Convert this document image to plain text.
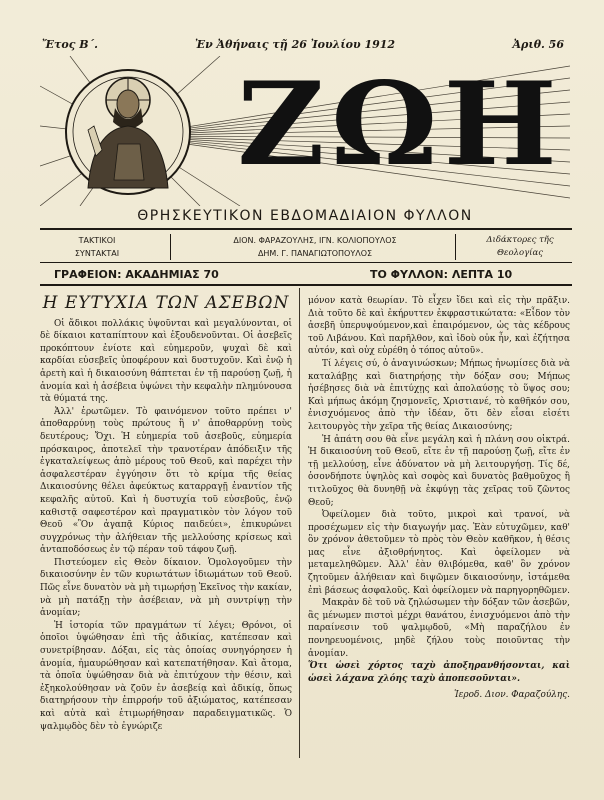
Ἔτος Β΄.	Ἐν Ἀθήναις τῇ 26 Ἰουλίου 1912	Ἀριθ. 56
ΖΩΗ
ΘΡΗΣΚΕΥΤΙΚΟΝ ΕΒΔΟΜΑΔΙΑΙΟΝ ΦΥΛΛΟΝ
ΤΑΚΤΙΚΟΙ
ΣΥΝΤΑΚΤΑΙ
ΔΙΟΝ. ΦΑΡΑΖΟΥΛΗΣ, ΙΓΝ. ΚΟΛΙΟΠΟΥΛΟΣ
ΔΗΜ. Γ. ΠΑΝΑΓΙΩΤΟΠΟΥΛΟΣ
Διδάκτορες τῆς
Θεολογίας
ΓΡΑΦΕΙΟΝ: ΑΚΑΔΗΜΙΑΣ 70	ΤΟ ΦΥΛΛΟΝ: ΛΕΠΤΑ 10

Η ΕΥΤΥΧΙΑ ΤΩΝ ΑΣΕΒΩΝ

Οἱ ἄδικοι πολλάκις ὑψοῦνται καὶ μεγαλύνονται, οἱ δὲ δίκαιοι καταπίπτουν καὶ ἐξουδενοῦνται. Οἱ ἀσεβεῖς προκόπτουν ἐνίοτε καὶ εὐημεροῦν, ψυχαὶ δὲ καὶ καρδίαι εὐσεβεῖς ὑποφέρουν καὶ δυστυχοῦν. Καὶ ἐνῷ ἡ ἀρετὴ καὶ ἡ δικαιοσύνη θάπτεται ἐν τῇ παρούσῃ ζωῇ, ἡ ἀνομία καὶ ἡ ἀσέβεια ὑψώνει τὴν κεφαλὴν πλημύνουσα τὰ θύματά της.

Ἀλλ' ἐρωτῶμεν. Τὸ φαινόμενον τοῦτο πρέπει ν' ἀποθαρρύνῃ τοὺς πρώτους ἢ ν' ἀποθαρρύνῃ τοὺς δευτέρους; Ὄχι. Ἡ εὐημερία τοῦ ἀσεβοῦς, εὐημερία πρόσκαιρος, ἀποτελεῖ τὴν τρανοτέραν ἀπόδειξιν τῆς ἐγκαταλείψεως ἀπὸ μέρους τοῦ Θεοῦ, καὶ παρέχει τὴν ἀσφαλεστέραν ἐγγύησιν ὅτι τὸ κρίμα τῆς θείας Δικαιοσύνης θέλει ἀφεύκτως καταρραγῇ ἐναντίον τῆς κεφαλῆς αὐτοῦ. Καὶ ἡ δυστυχία τοῦ εὐσεβοῦς, ἐνῷ καθιστᾷ σαφεστέρον καὶ πραγματικὸν τὸν λόγον τοῦ Θεοῦ «Ὃν ἀγαπᾷ Κύριος παιδεύει», ἐπικυρώνει συγχρόνως τὴν ἀλήθειαν τῆς μελλούσης κρίσεως καὶ ἀνταποδόσεως ἐν τῷ πέραν τοῦ τάφου ζωῇ.

Πιστεύομεν εἰς Θεὸν δίκαιον. Ὁμολογοῦμεν τὴν δικαιοσύνην ἐν τῶν κυριωτάτων ἰδιωμάτων τοῦ Θεοῦ. Πῶς εἶνε δυνατὸν νὰ μὴ τιμωρήσῃ Ἐκεῖνος τὴν κακίαν, νὰ μὴ πατάξῃ τὴν ἀσέβειαν, νὰ μὴ συντρίψῃ τὴν ἀνομίαν;

Ἡ ἱστορία τῶν πραγμάτων τί λέγει; Θρόνοι, οἱ ὁποῖοι ὑψώθησαν ἐπὶ τῆς ἀδικίας, κατέπεσαν καὶ συνετρίβησαν. Δόξαι, εἰς τὰς ὁποίας συνηγόρησεν ἡ ἀνομία, ἠμαυρώθησαν καὶ κατεπατήθησαν. Καὶ ἄτομα, τὰ ὁποῖα ὑψώθησαν διὰ νὰ ἐπιτύχουν τὴν θέσιν, καὶ ἐξηκολούθησαν νὰ ζοῦν ἐν ἀσεβείᾳ καὶ ἀδικίᾳ, ὅπως διατηρήσουν τὴν ἐπιρροήν τοῦ ἀξιώματος, κατέπεσαν καὶ αὐτὰ καὶ ἐτιμωρήθησαν παραδειγματικῶς. Ὁ ψαλμῳδὸς δὲν τὸ ἐγνώριζε

μόνον κατὰ θεωρίαν. Τὸ εἶχεν ἴδει καὶ εἰς τὴν πρᾶξιν. Διὰ τοῦτο δὲ καὶ ἐκήρυττεν ἐκφραστικώτατα: «Εἶδον τὸν ἀσεβῆ ὑπερυψούμενον,καὶ ἐπαιρόμενον, ὡς τὰς κέδρους τοῦ Λιβάνου. Καὶ παρῆλθον, καὶ ἰδοὺ οὐκ ἦν, καὶ ἐζήτησα αὐτόν, καὶ οὐχ εὑρέθη ὁ τόπος αὐτοῦ».

Τί λέγεις σύ, ὁ ἀναγινώσκων; Μήπως ἠνωμίσες διὰ νὰ καταλάβῃς καὶ διατηρήσῃς τὴν δόξαν σου; Μήπως ἠσέβησες διὰ νὰ ἐπιτύχῃς καὶ ἀπολαύσῃς τὸ ὕψος σου; Καὶ μήπως ἀκόμη ζησμονεῖς, Χριστιανέ, τὸ καθῆκόν σου, ἐνισχυόμενος ἀπὸ τὴν ἰδέαν, ὅτι δὲν εἶσαι εἰσέτι λειτουργὸς τὴν χεῖρα τῆς θείας Δικαιοσύνης;

Ἡ ἀπάτη σου θὰ εἶνε μεγάλη καὶ ἡ πλάνη σου οἰκτρά. Ἡ δικαιοσύνη τοῦ Θεοῦ, εἴτε ἐν τῇ παρούσῃ ζωῇ, εἴτε ἐν τῇ μελλούσῃ, εἶνε ἀδύνατον νὰ μὴ λειτουργήσῃ. Τίς δέ, ὁσονδήποτε ὑψηλὸς καὶ σοφὸς καὶ δυνατὸς βαθμοῦχος ἢ τιτλοῦχος θὰ δυνηθῇ νὰ ἐκφύγῃ τὰς χεῖρας τοῦ ζῶντος Θεοῦ;

Ὀφείλομεν διὰ τοῦτο, μικροὶ καὶ τρανοί, νὰ προσέχωμεν εἰς τὴν διαγωγήν μας. Ἐὰν εὐτυχῶμεν, καθ' ὃν χρόνον ἀθετοῦμεν τὸ πρὸς τὸν Θεὸν καθῆκον, ἡ θέσις μας εἶνε ἀξιοθρήνητος. Καὶ ὀφείλομεν νὰ μεταμεληθῶμεν. Ἀλλ' ἐὰν θλιβόμεθα, καθ' ὃν χρόνον ζητοῦμεν ἀλήθειαν καὶ διψῶμεν δικαιοσύνην, ἱστάμεθα ἐπὶ βάσεως ἀσφαλοῦς. Καὶ ὀφείλομεν νὰ παρηγορηθῶμεν.

Μακρὰν δὲ τοῦ νὰ ζηλώσωμεν τὴν δόξαν τῶν ἀσεβῶν, ἂς μένωμεν πιστοὶ μέχρι θανάτου, ἐνισχυόμενοι ἀπὸ τὴν παραίνεσιν τοῦ ψαλμῳδοῦ, «Μὴ παραζήλου ἐν πονηρευομένοις, μηδὲ ζήλου τοὺς ποιοῦντας τὴν ἀνομίαν.

Ὅτι ὡσεὶ χόρτος ταχὺ ἀποξηρανθήσονται, καὶ ὡσεὶ λάχανα χλόης ταχὺ ἀποπεσοῦνται».

Ἱεροδ. Διον. Φαραζούλης.
